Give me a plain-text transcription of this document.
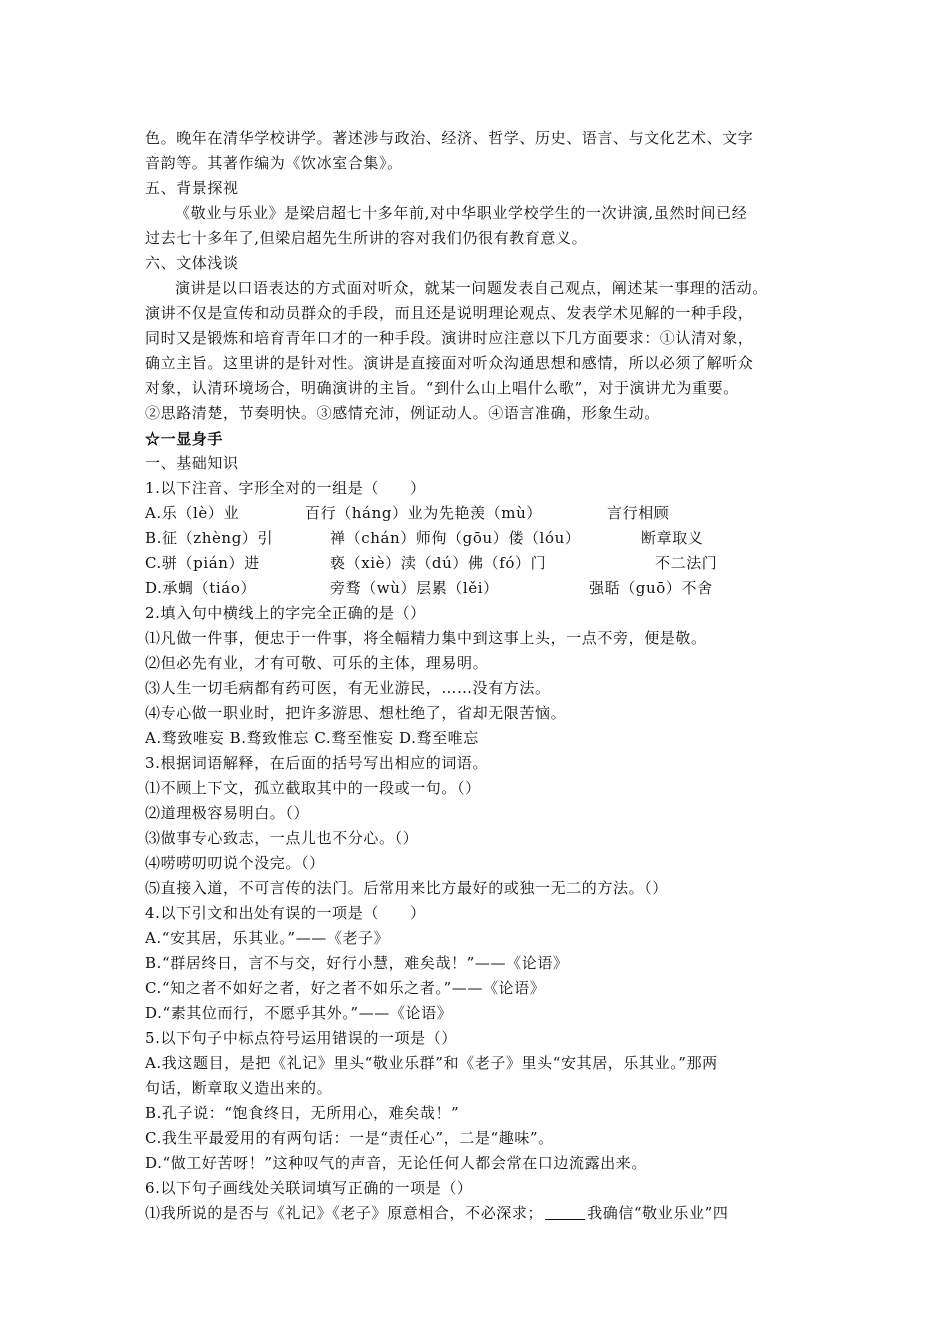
色。晚年在清华学校讲学。著述涉与政治、经济、哲学、历史、语言、与文化艺术、文字
音韵等。其著作编为《饮冰室合集》。
五、背景探视
《敬业与乐业》是梁启超七十多年前,对中华职业学校学生的一次讲演,虽然时间已经
过去七十多年了,但梁启超先生所讲的容对我们仍很有教育意义。
六、文体浅谈
演讲是以口语表达的方式面对听众，就某一问题发表自己观点，阐述某一事理的活动。
演讲不仅是宣传和动员群众的手段，而且还是说明理论观点、发表学术见解的一种手段，
同时又是锻炼和培育青年口才的一种手段。演讲时应注意以下几方面要求：①认清对象，
确立主旨。这里讲的是针对性。演讲是直接面对听众沟通思想和感情，所以必须了解听众
对象，认清环境场合，明确演讲的主旨。“到什么山上唱什么歌”，对于演讲尤为重要。
②思路清楚，节奏明快。③感情充沛，例证动人。④语言准确，形象生动。
☆一显身手
一、基础知识
1.以下注音、字形全对的一组是（　　）
A.乐（lè）业	百行（háng）业为先艳羡（mù）	言行相顾
B.征（zhèng）引	禅（chán）师佝（gōu）偻（lóu）	断章取义
C.骈（pián）进	亵（xiè）渎（dú）佛（fó）门	不二法门
D.承蜩（tiáo）	旁骛（wù）层累（lěi）	强聒（guō）不舍
2.填入句中横线上的字完全正确的是（）
⑴凡做一件事，便忠于一件事，将全幅精力集中到这事上头，一点不旁，便是敬。
⑵但必先有业，才有可敬、可乐的主体，理易明。
⑶人生一切毛病都有药可医，有无业游民，……没有方法。
⑷专心做一职业时，把许多游思、想杜绝了，省却无限苦恼。
A.骛致唯妄 B.骛致惟忘 C.骛至惟妄 D.骛至唯忘
3.根据词语解释，在后面的括号写出相应的词语。
⑴不顾上下文，孤立截取其中的一段或一句。（）
⑵道理极容易明白。（）
⑶做事专心致志，一点儿也不分心。（）
⑷唠唠叨叨说个没完。（）
⑸直接入道，不可言传的法门。后常用来比方最好的或独一无二的方法。（）
4.以下引文和出处有误的一项是（　　）
A.“安其居，乐其业。”——《老子》
B.“群居终日，言不与交，好行小慧，难矣哉！”——《论语》
C.“知之者不如好之者，好之者不如乐之者。”——《论语》
D.“素其位而行，不愿乎其外。”——《论语》
5.以下句子中标点符号运用错误的一项是（）
A.我这题目，是把《礼记》里头“敬业乐群”和《老子》里头“安其居，乐其业。”那两
句话，断章取义造出来的。
B.孔子说：“饱食终日，无所用心，难矣哉！”
C.我生平最爱用的有两句话：一是“责任心”，二是“趣味”。
D.“做工好苦呀！”这种叹气的声音，无论任何人都会常在口边流露出来。
6.以下句子画线处关联词填写正确的一项是（）
⑴我所说的是否与《礼记》《老子》原意相合，不必深求；	我确信“敬业乐业”四
